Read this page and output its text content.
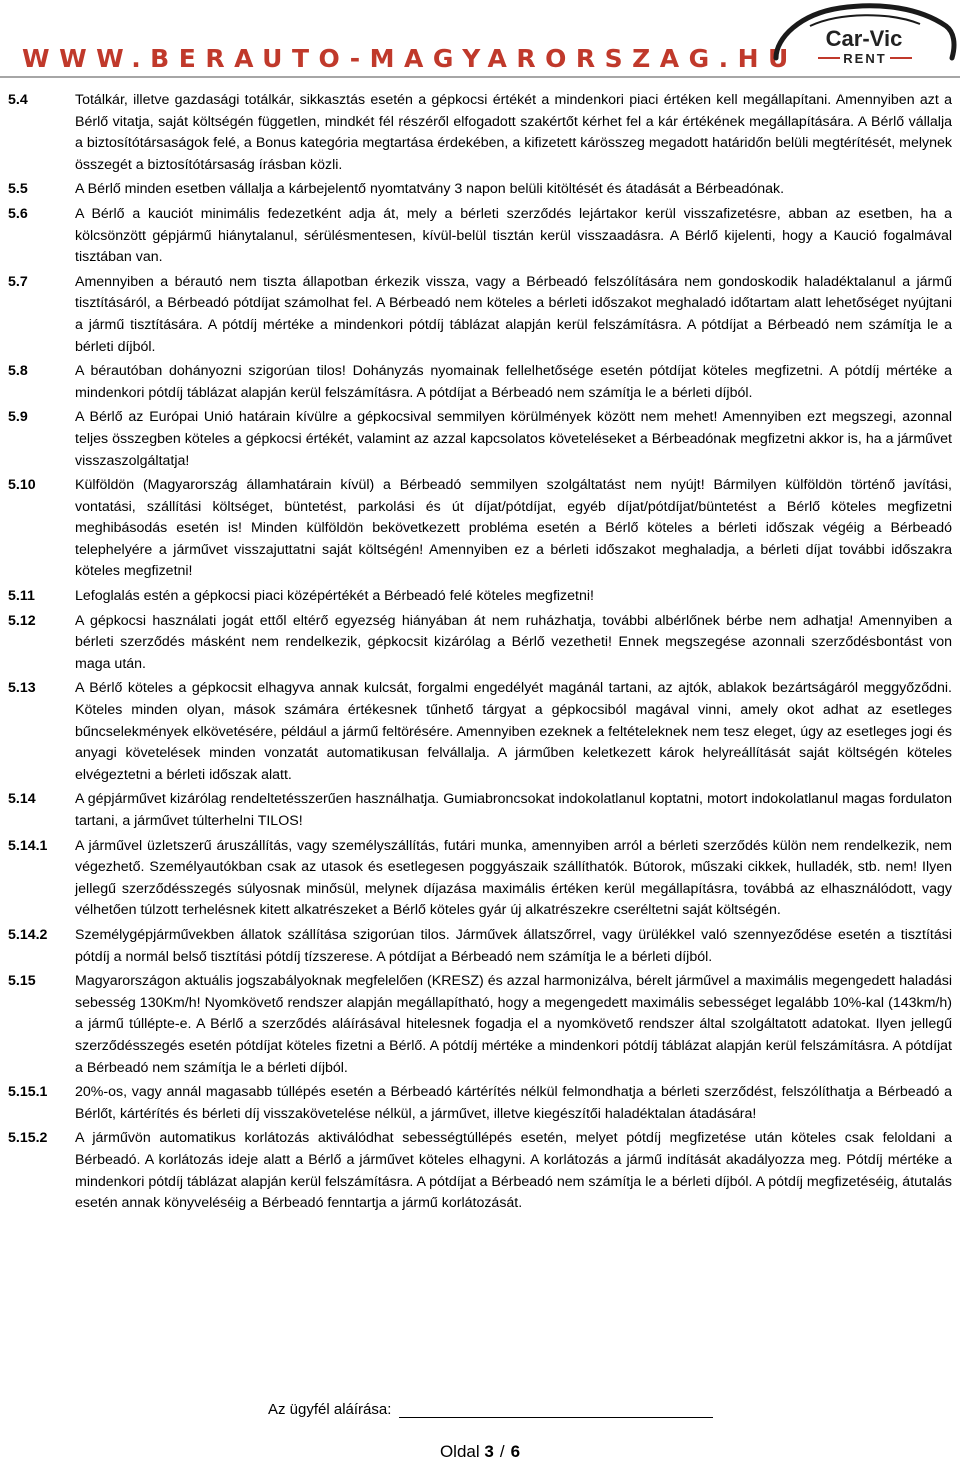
WWW.BERAUTO-MAGYARORSZAG.HU
Car-Vic
RENT
5.4	Totálkár, illetve gazdasági totálkár, sikkasztás esetén a gépkocsi értékét a mindenkori piaci értéken kell megállapítani. Amennyiben azt a Bérlő vitatja, saját költségén független, mindkét fél részéről elfogadott szakértőt kérhet fel a kár értékének megállapítására. A Bérlő vállalja a biztosítótársaságok felé, a Bonus kategória megtartása érdekében, a kifizetett kárösszeg megadott határidőn belüli megtérítését, melynek összegét a biztosítótársaság írásban közli.
5.5	A Bérlő minden esetben vállalja a kárbejelentő nyomtatvány 3 napon belüli kitöltését és átadását a Bérbeadónak.
5.6	A Bérlő a kauciót minimális fedezetként adja át, mely a bérleti szerződés lejártakor kerül visszafizetésre, abban az esetben, ha a kölcsönzött gépjármű hiánytalanul, sérülésmentesen, kívül-belül tisztán kerül visszaadásra. A Bérlő kijelenti, hogy a Kaució fogalmával tisztában van.
5.7	Amennyiben a bérautó nem tiszta állapotban érkezik vissza, vagy a Bérbeadó felszólítására nem gondoskodik haladéktalanul a jármű tisztításáról, a Bérbeadó pótdíjat számolhat fel. A Bérbeadó nem köteles a bérleti időszakot meghaladó időtartam alatt lehetőséget nyújtani a jármű tisztítására. A pótdíj mértéke a mindenkori pótdíj táblázat alapján kerül felszámításra. A pótdíjat a Bérbeadó nem számítja le a bérleti díjból.
5.8	A bérautóban dohányozni szigorúan tilos! Dohányzás nyomainak fellelhetősége esetén pótdíjat köteles megfizetni. A pótdíj mértéke a mindenkori pótdíj táblázat alapján kerül felszámításra. A pótdíjat a Bérbeadó nem számítja le a bérleti díjból.
5.9	A Bérlő az Európai Unió határain kívülre a gépkocsival semmilyen körülmények között nem mehet! Amennyiben ezt megszegi, azonnal teljes összegben köteles a gépkocsi értékét, valamint az azzal kapcsolatos követeléseket a Bérbeadónak megfizetni akkor is, ha a járművet visszaszolgáltatja!
5.10	Külföldön (Magyarország államhatárain kívül) a Bérbeadó semmilyen szolgáltatást nem nyújt! Bármilyen külföldön történő javítási, vontatási, szállítási költséget, büntetést, parkolási és út díjat/pótdíjat, egyéb díjat/pótdíjat/büntetést a Bérlő köteles megfizetni meghibásodás esetén is! Minden külföldön bekövetkezett probléma esetén a Bérlő köteles a bérleti időszak végéig a Bérbeadó telephelyére a járművet visszajuttatni saját költségén! Amennyiben ez a bérleti időszakot meghaladja, a bérleti díjat további időszakra köteles megfizetni!
5.11	Lefoglalás estén a gépkocsi piaci középértékét a Bérbeadó felé köteles megfizetni!
5.12	A gépkocsi használati jogát ettől eltérő egyezség hiányában át nem ruházhatja, további albérlőnek bérbe nem adhatja! Amennyiben a bérleti szerződés másként nem rendelkezik, gépkocsit kizárólag a Bérlő vezetheti! Ennek megszegése azonnali szerződésbontást von maga után.
5.13	A Bérlő köteles a gépkocsit elhagyva annak kulcsát, forgalmi engedélyét magánál tartani, az ajtók, ablakok bezártságáról meggyőződni. Köteles minden olyan, mások számára értékesnek tűnhető tárgyat a gépkocsiból magával vinni, amely okot adhat az esetleges bűncselekmények elkövetésére, például a jármű feltörésére. Amennyiben ezeknek a feltételeknek nem tesz eleget, úgy az esetleges jogi és anyagi követelések minden vonzatát automatikusan felvállalja. A járműben keletkezett károk helyreállítását saját költségén köteles elvégeztetni a bérleti időszak alatt.
5.14	A gépjárművet kizárólag rendeltetésszerűen használhatja. Gumiabroncsokat indokolatlanul koptatni, motort indokolatlanul magas fordulaton tartani, a járművet túlterhelni TILOS!
5.14.1 A járművel üzletszerű áruszállítás, vagy személyszállítás, futári munka, amennyiben arról a bérleti szerződés külön nem rendelkezik, nem végezhető. Személyautókban csak az utasok és esetlegesen poggyászaik szállíthatók. Bútorok, műszaki cikkek, hulladék, stb. nem! Ilyen jellegű szerződésszegés súlyosnak minősül, melynek díjazása maximális értéken kerül megállapításra, továbbá az elhasználódott, vagy vélhetően túlzott terhelésnek kitett alkatrészeket a Bérlő köteles gyár új alkatrészekre cseréltetni saját költségén.
5.14.2 Személygépjárművekben állatok szállítása szigorúan tilos. Járművek állatszőrrel, vagy ürülékkel való szennyeződése esetén a tisztítási pótdíj a normál belső tisztítási pótdíj tízszerese. A pótdíjat a Bérbeadó nem számítja le a bérleti díjból.
5.15	Magyarországon aktuális jogszabályoknak megfelelően (KRESZ) és azzal harmonizálva, bérelt járművel a maximális megengedett haladási sebesség 130Km/h! Nyomkövető rendszer alapján megállapítható, hogy a megengedett maximális sebességet legalább 10%-kal (143km/h) a jármű túllépte-e. A Bérlő a szerződés aláírásával hitelesnek fogadja el a nyomkövető rendszer által szolgáltatott adatokat. Ilyen jellegű szerződésszegés esetén pótdíjat köteles fizetni a Bérlő. A pótdíj mértéke a mindenkori pótdíj táblázat alapján kerül felszámításra. A pótdíjat a Bérbeadó nem számítja le a bérleti díjból.
5.15.1 20%-os, vagy annál magasabb túllépés esetén a Bérbeadó kártérítés nélkül felmondhatja a bérleti szerződést, felszólíthatja a Bérbeadó a Bérlőt, kártérítés és bérleti díj visszakövetelése nélkül, a járművet, illetve kiegészítői haladéktalan átadására!
5.15.2 A járművön automatikus korlátozás aktiválódhat sebességtúllépés esetén, melyet pótdíj megfizetése után köteles csak feloldani a Bérbeadó. A korlátozás ideje alatt a Bérlő a járművet köteles elhagyni. A korlátozás a jármű indítását akadályozza meg. Pótdíj mértéke a mindenkori pótdíj táblázat alapján kerül felszámításra. A pótdíjat a Bérbeadó nem számítja le a bérleti díjból. A pótdíj megfizetéséig, átutalás esetén annak könyveléséig a Bérbeadó fenntartja a jármű korlátozását.
Az ügyfél aláírása:
Oldal 3 / 6
